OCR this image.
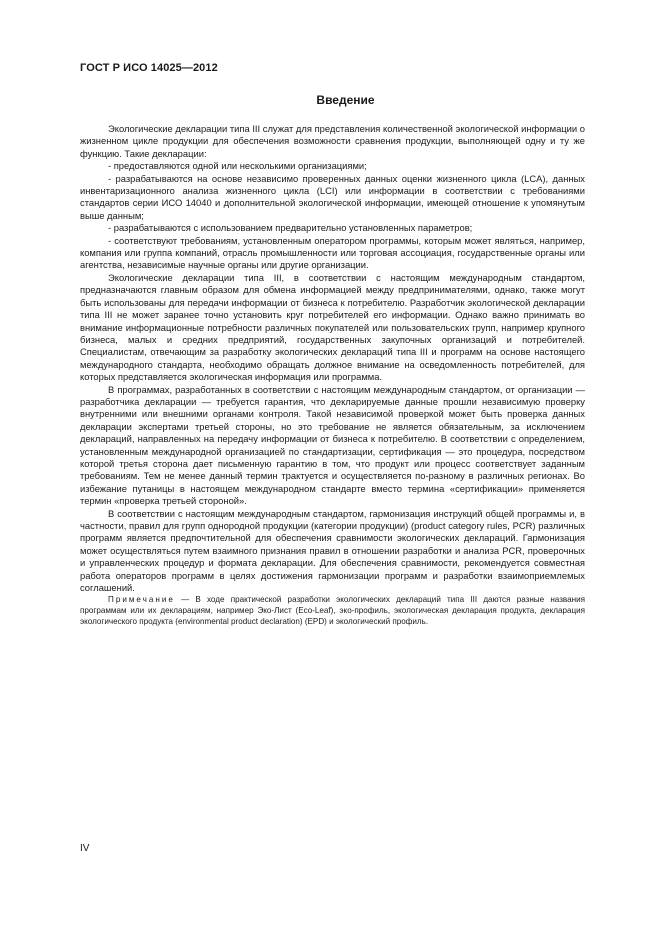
ГОСТ Р ИСО 14025—2012
Введение

Экологические декларации типа III служат для представления количественной экологической информации о жизненном цикле продукции для обеспечения возможности сравнения продукции, выполняющей одну и ту же функцию. Такие декларации:

- предоставляются одной или несколькими организациями;

- разрабатываются на основе независимо проверенных данных оценки жизненного цикла (LCA), данных инвентаризационного анализа жизненного цикла (LCI) или информации в соответствии с требованиями стандартов серии ИСО 14040 и дополнительной экологической информации, имеющей отношение к упомянутым выше данным;

- разрабатываются с использованием предварительно установленных параметров;

- соответствуют требованиям, установленным оператором программы, которым может являться, например, компания или группа компаний, отрасль промышленности или торговая ассоциация, государственные органы или агентства, независимые научные органы или другие организации.

Экологические декларации типа III, в соответствии с настоящим международным стандартом, предназначаются главным образом для обмена информацией между предпринимателями, однако, также могут быть использованы для передачи информации от бизнеса к потребителю. Разработчик экологической декларации типа III не может заранее точно установить круг потребителей его информации. Однако важно принимать во внимание информационные потребности различных покупателей или пользовательских групп, например крупного бизнеса, малых и средних предприятий, государственных закупочных организаций и потребителей. Специалистам, отвечающим за разработку экологических деклараций типа III и программ на основе настоящего международного стандарта, необходимо обращать должное внимание на осведомленность потребителей, для которых представляется экологическая информация или программа.

В программах, разработанных в соответствии с настоящим международным стандартом, от организации — разработчика декларации — требуется гарантия, что декларируемые данные прошли независимую проверку внутренними или внешними органами контроля. Такой независимой проверкой может быть проверка данных декларации экспертами третьей стороны, но это требование не является обязательным, за исключением деклараций, направленных на передачу информации от бизнеса к потребителю. В соответствии с определением, установленным международной организацией по стандартизации, сертификация — это процедура, посредством которой третья сторона дает письменную гарантию в том, что продукт или процесс соответствует заданным требованиям. Тем не менее данный термин трактуется и осуществляется по-разному в различных регионах. Во избежание путаницы в настоящем международном стандарте вместо термина «сертификации» применяется термин «проверка третьей стороной».

В соответствии с настоящим международным стандартом, гармонизация инструкций общей программы и, в частности, правил для групп однородной продукции (категории продукции) (product category rules, PCR) различных программ является предпочтительной для обеспечения сравнимости экологических деклараций. Гармонизация может осуществляться путем взаимного признания правил в отношении разработки и анализа PCR, проверочных и управленческих процедур и формата декларации. Для обеспечения сравнимости, рекомендуется совместная работа операторов программ в целях достижения гармонизации программ и разработки взаимоприемлемых соглашений.

Примечание — В ходе практической разработки экологических деклараций типа III даются разные названия программам или их декларациям, например Эко-Лист (Eco-Leaf), эко-профиль, экологическая декларация продукта, декларация экологического продукта (environmental product declaration) (EPD) и экологический профиль.

IV
